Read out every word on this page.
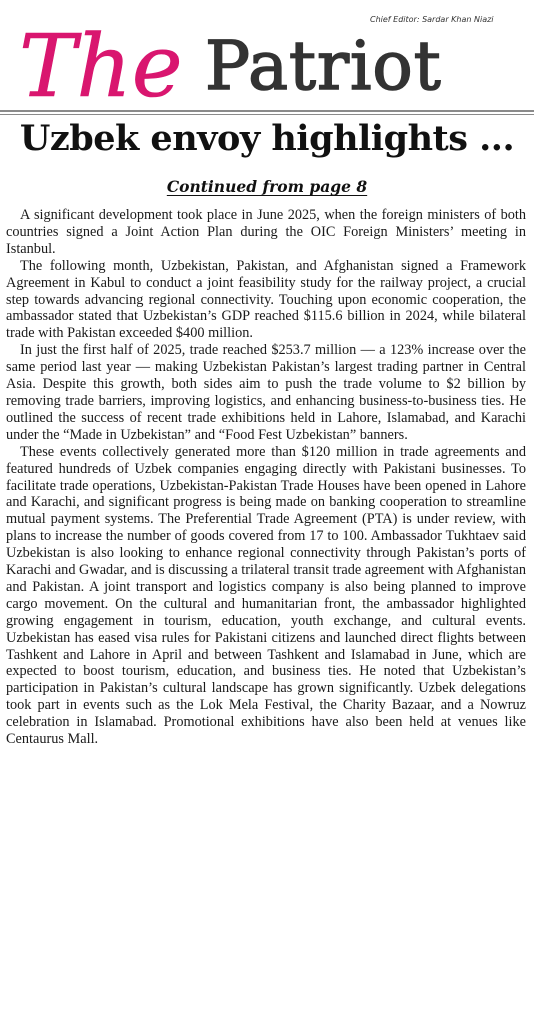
The Patriot
Chief Editor: Sardar Khan Niazi
Uzbek envoy highlights ...
Continued from page 8

A significant development took place in June 2025, when the foreign ministers of both countries signed a Joint Action Plan during the OIC Foreign Ministers’ meeting in Istanbul.

The following month, Uzbekistan, Pakistan, and Afghanistan signed a Framework Agreement in Kabul to conduct a joint feasibility study for the railway project, a crucial step towards advancing regional connectivity. Touching upon economic cooperation, the ambassador stated that Uzbekistan’s GDP reached $115.6 billion in 2024, while bilateral trade with Pakistan exceeded $400 million.

In just the first half of 2025, trade reached $253.7 million — a 123% increase over the same period last year — making Uzbekistan Pakistan’s largest trading partner in Central Asia. Despite this growth, both sides aim to push the trade volume to $2 billion by removing trade barriers, improving logistics, and enhancing business-to-business ties. He outlined the success of recent trade exhibitions held in Lahore, Islamabad, and Karachi under the “Made in Uzbekistan” and “Food Fest Uzbekistan” banners.

These events collectively generated more than $120 million in trade agreements and featured hundreds of Uzbek companies engaging directly with Pakistani businesses. To facilitate trade operations, Uzbekistan-Pakistan Trade Houses have been opened in Lahore and Karachi, and significant progress is being made on banking cooperation to streamline mutual payment systems. The Preferential Trade Agreement (PTA) is under review, with plans to increase the number of goods covered from 17 to 100. Ambassador Tukhtaev said Uzbekistan is also looking to enhance regional connectivity through Pakistan’s ports of Karachi and Gwadar, and is discussing a trilateral transit trade agreement with Afghanistan and Pakistan. A joint transport and logistics company is also being planned to improve cargo movement. On the cultural and humanitarian front, the ambassador highlighted growing engagement in tourism, education, youth exchange, and cultural events. Uzbekistan has eased visa rules for Pakistani citizens and launched direct flights between Tashkent and Lahore in April and between Tashkent and Islamabad in June, which are expected to boost tourism, education, and business ties. He noted that Uzbekistan’s participation in Pakistan’s cultural landscape has grown significantly. Uzbek delegations took part in events such as the Lok Mela Festival, the Charity Bazaar, and a Nowruz celebration in Islamabad. Promotional exhibitions have also been held at venues like Centaurus Mall.
